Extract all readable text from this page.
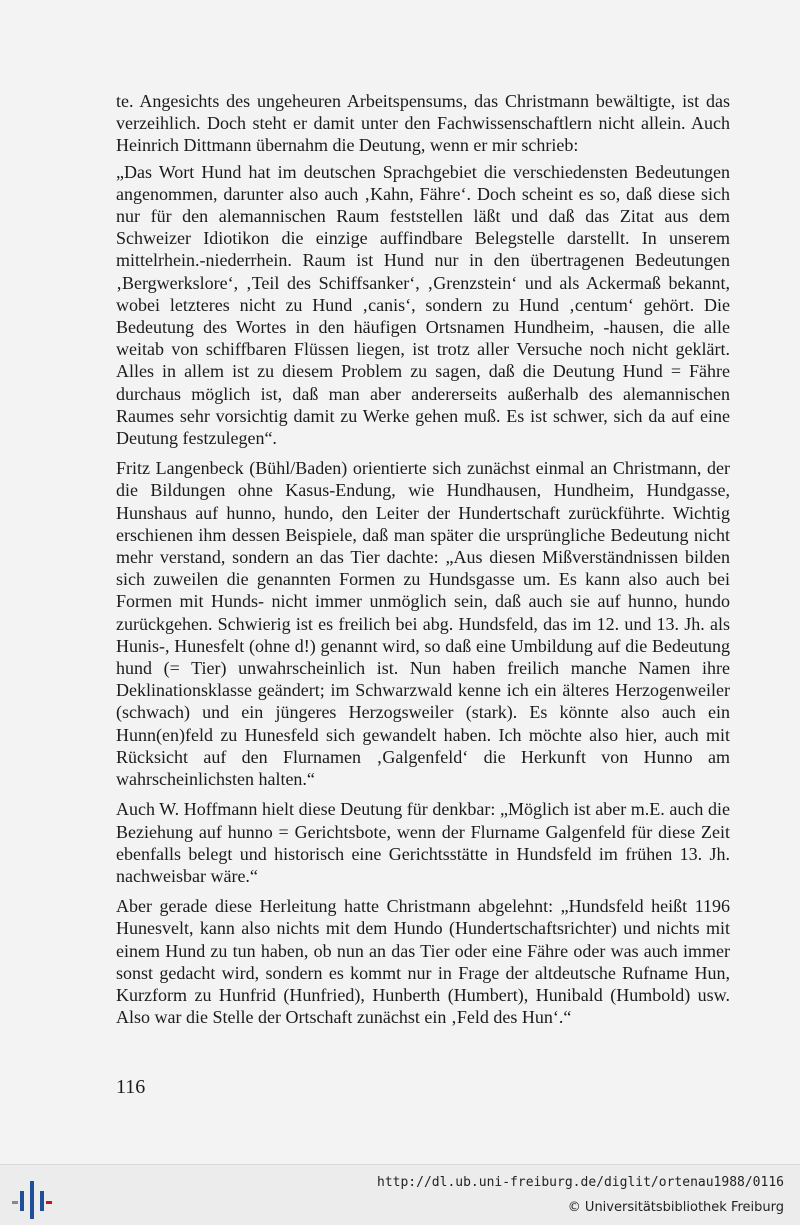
te. Angesichts des ungeheuren Arbeitspensums, das Christmann bewältigte, ist das verzeihlich. Doch steht er damit unter den Fachwissenschaftlern nicht allein. Auch Heinrich Dittmann übernahm die Deutung, wenn er mir schrieb:

„Das Wort Hund hat im deutschen Sprachgebiet die verschiedensten Bedeutungen angenommen, darunter also auch ‚Kahn, Fähre‘. Doch scheint es so, daß diese sich nur für den alemannischen Raum feststellen läßt und daß das Zitat aus dem Schweizer Idiotikon die einzige auffindbare Belegstelle darstellt. In unserem mittelrhein.-niederrhein. Raum ist Hund nur in den übertragenen Bedeutungen ‚Bergwerkslore‘, ‚Teil des Schiffsanker‘, ‚Grenzstein‘ und als Ackermaß bekannt, wobei letzteres nicht zu Hund ‚canis‘, sondern zu Hund ‚centum‘ gehört. Die Bedeutung des Wortes in den häufigen Ortsnamen Hundheim, -hausen, die alle weitab von schiffbaren Flüssen liegen, ist trotz aller Versuche noch nicht geklärt. Alles in allem ist zu diesem Problem zu sagen, daß die Deutung Hund = Fähre durchaus möglich ist, daß man aber andererseits außerhalb des alemannischen Raumes sehr vorsichtig damit zu Werke gehen muß. Es ist schwer, sich da auf eine Deutung festzulegen“.

Fritz Langenbeck (Bühl/Baden) orientierte sich zunächst einmal an Christmann, der die Bildungen ohne Kasus-Endung, wie Hundhausen, Hundheim, Hundgasse, Hunshaus auf hunno, hundo, den Leiter der Hundertschaft zurückführte. Wichtig erschienen ihm dessen Beispiele, daß man später die ursprüngliche Bedeutung nicht mehr verstand, sondern an das Tier dachte: „Aus diesen Mißverständnissen bilden sich zuweilen die genannten Formen zu Hundsgasse um. Es kann also auch bei Formen mit Hunds- nicht immer unmöglich sein, daß auch sie auf hunno, hundo zurückgehen. Schwierig ist es freilich bei abg. Hundsfeld, das im 12. und 13. Jh. als Hunis-, Hunesfelt (ohne d!) genannt wird, so daß eine Umbildung auf die Bedeutung hund (= Tier) unwahrscheinlich ist. Nun haben freilich manche Namen ihre Deklinationsklasse geändert; im Schwarzwald kenne ich ein älteres Herzogenweiler (schwach) und ein jüngeres Herzogsweiler (stark). Es könnte also auch ein Hunn(en)feld zu Hunesfeld sich gewandelt haben. Ich möchte also hier, auch mit Rücksicht auf den Flurnamen ‚Galgenfeld‘ die Herkunft von Hunno am wahrscheinlichsten halten.“

Auch W. Hoffmann hielt diese Deutung für denkbar: „Möglich ist aber m.E. auch die Beziehung auf hunno = Gerichtsbote, wenn der Flurname Galgenfeld für diese Zeit ebenfalls belegt und historisch eine Gerichtsstätte in Hundsfeld im frühen 13. Jh. nachweisbar wäre.“

Aber gerade diese Herleitung hatte Christmann abgelehnt: „Hundsfeld heißt 1196 Hunesvelt, kann also nichts mit dem Hundo (Hundertschaftsrichter) und nichts mit einem Hund zu tun haben, ob nun an das Tier oder eine Fähre oder was auch immer sonst gedacht wird, sondern es kommt nur in Frage der altdeutsche Rufname Hun, Kurzform zu Hunfrid (Hunfried), Hunberth (Humbert), Hunibald (Humbold) usw. Also war die Stelle der Ortschaft zunächst ein ‚Feld des Hun‘.“

116
http://dl.ub.uni-freiburg.de/diglit/ortenau1988/0116
© Universitätsbibliothek Freiburg
